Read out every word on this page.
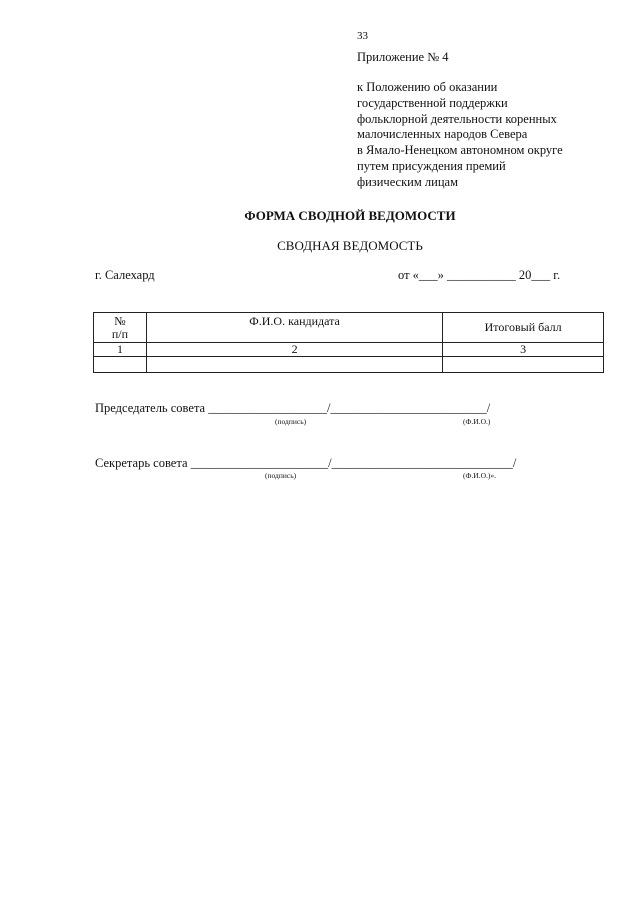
33
Приложение № 4
к Положению об оказании
государственной поддержки
фольклорной деятельности коренных
малочисленных народов Севера
в Ямало-Ненецком автономном округе
путем присуждения премий
физическим лицам
ФОРМА СВОДНОЙ ВЕДОМОСТИ
СВОДНАЯ ВЕДОМОСТЬ
г. Салехард	от «___» ___________ 20___ г.
№
п/п	Ф.И.О. кандидата	Итоговый балл
1	2	3

Председатель совета ___________________/_________________________/
(подпись)	(Ф.И.О.)
Секретарь совета ______________________/_____________________________/
(подпись)	(Ф.И.О.)».
